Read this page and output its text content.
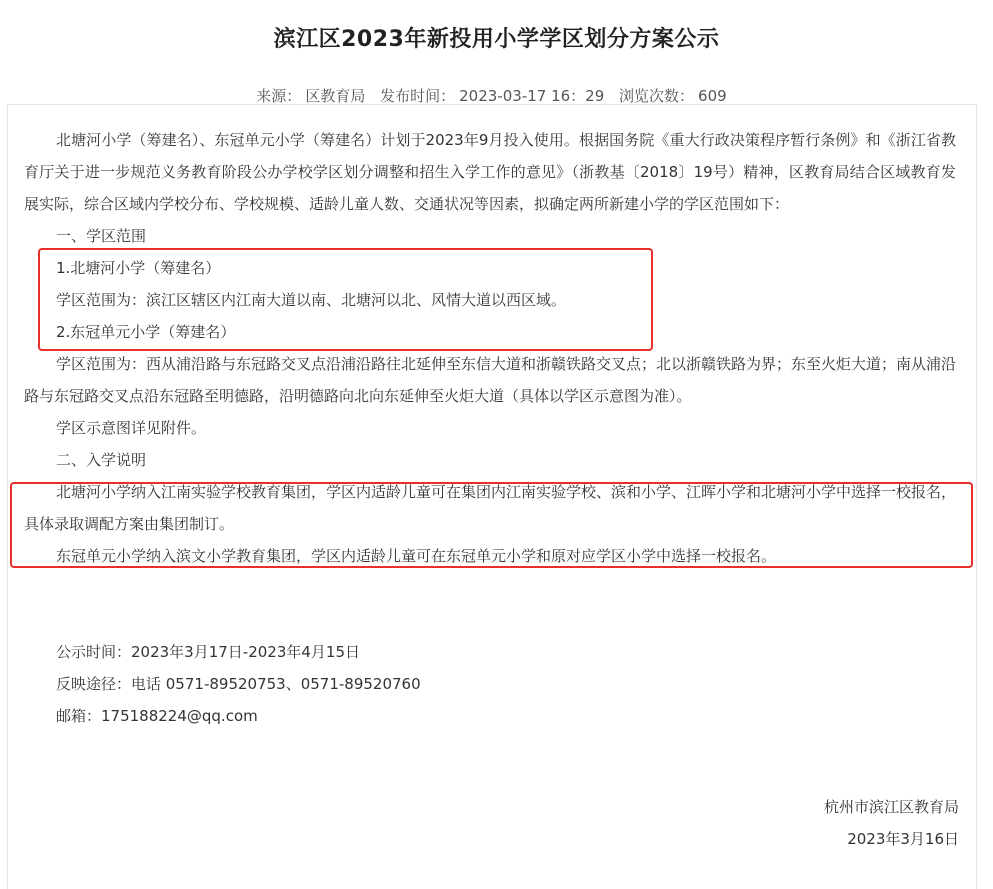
滨江区2023年新投用小学学区划分方案公示
来源： 区教育局 发布时间： 2023-03-17 16：29 浏览次数： 609

北塘河小学（筹建名）、东冠单元小学（筹建名）计划于2023年9月投入使用。根据国务院《重大行政决策程序暂行条例》和《浙江省教育厅关于进一步规范义务教育阶段公办学校学区划分调整和招生入学工作的意见》（浙教基〔2018〕19号）精神，区教育局结合区域教育发展实际，综合区域内学校分布、学校规模、适龄儿童人数、交通状况等因素，拟确定两所新建小学的学区范围如下：

一、学区范围

1.北塘河小学（筹建名）

学区范围为：滨江区辖区内江南大道以南、北塘河以北、风情大道以西区域。

2.东冠单元小学（筹建名）

学区范围为：西从浦沿路与东冠路交叉点沿浦沿路往北延伸至东信大道和浙赣铁路交叉点；北以浙赣铁路为界；东至火炬大道；南从浦沿路与东冠路交叉点沿东冠路至明德路，沿明德路向北向东延伸至火炬大道（具体以学区示意图为准）。

学区示意图详见附件。

二、入学说明

北塘河小学纳入江南实验学校教育集团，学区内适龄儿童可在集团内江南实验学校、滨和小学、江晖小学和北塘河小学中选择一校报名，具体录取调配方案由集团制订。

东冠单元小学纳入滨文小学教育集团，学区内适龄儿童可在东冠单元小学和原对应学区小学中选择一校报名。

公示时间：2023年3月17日-2023年4月15日

反映途径：电话 0571-89520753、0571-89520760

邮箱：175188224@qq.com

杭州市滨江区教育局
2023年3月16日
